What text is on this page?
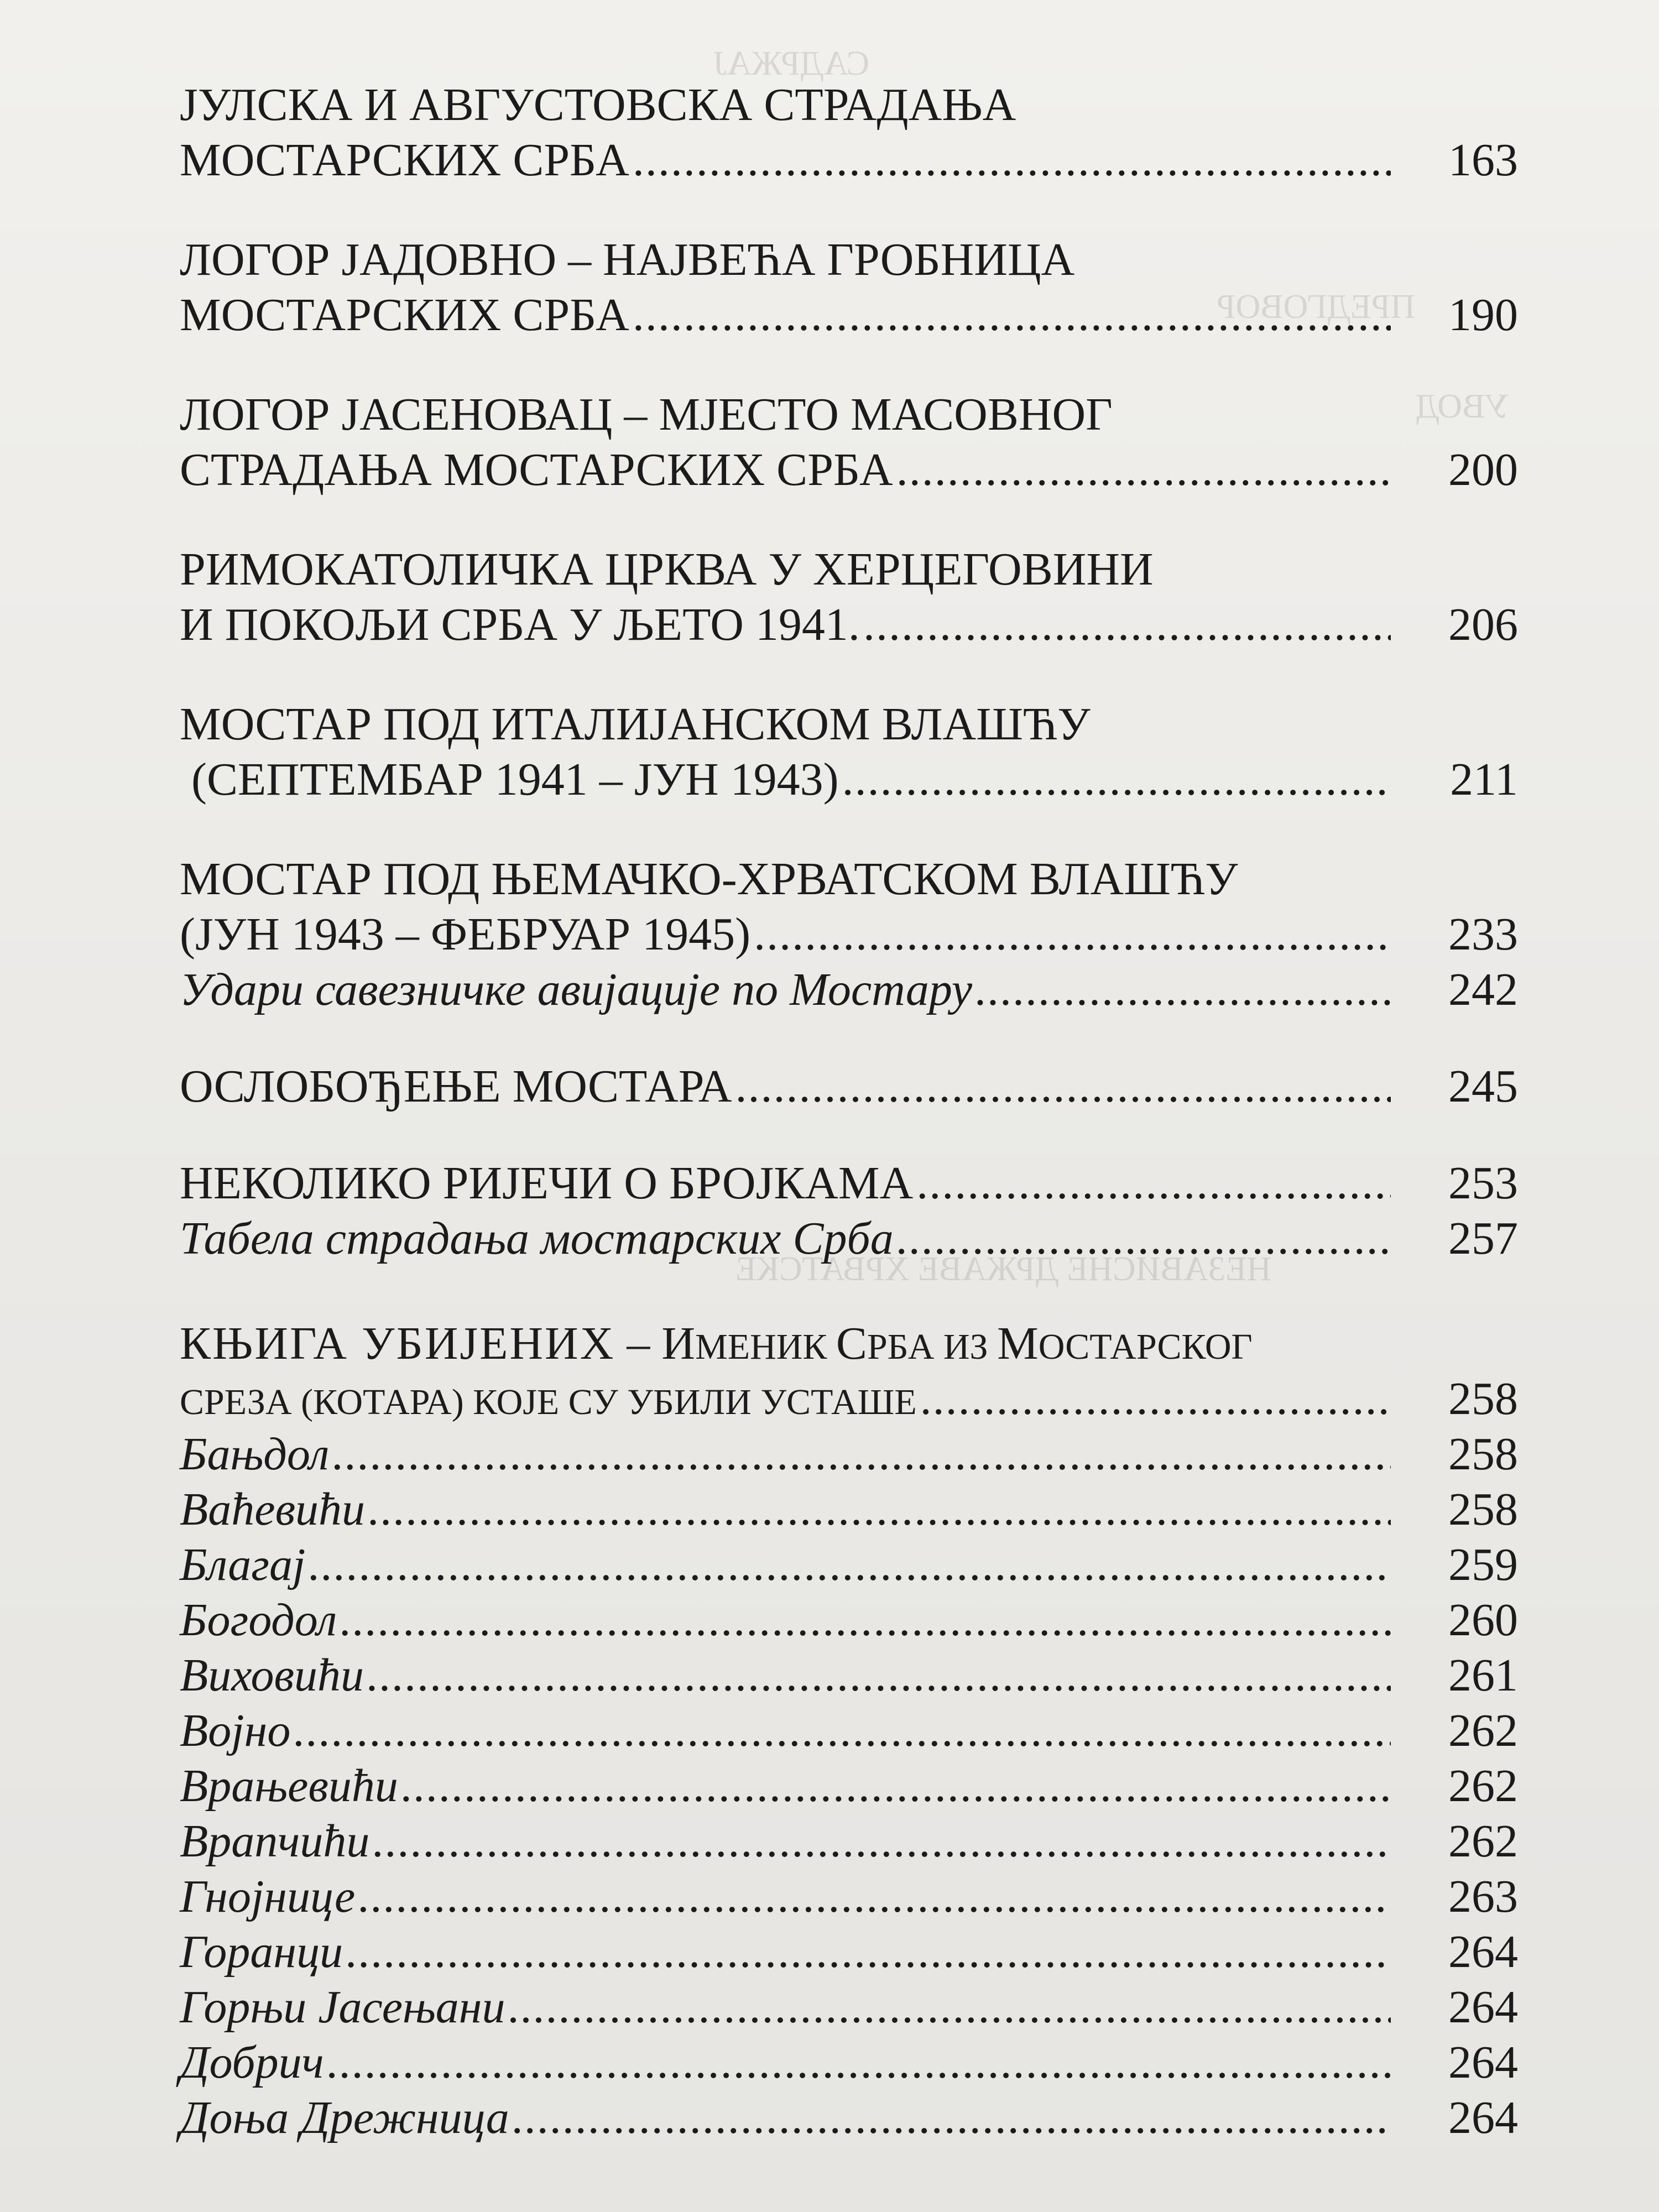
САДРЖАЈ
ПРЕДГОВОР
УВОД
НЕЗАВИСНЕ ДРЖАВЕ ХРВАТСКЕ
ЈУЛСКА И АВГУСТОВСКА СТРАДАЊА
МОСТАРСКИХ СРБА .....	163
ЛОГОР ЈАДОВНО – НАЈВЕЋА ГРОБНИЦА
МОСТАРСКИХ СРБА .....	190
ЛОГОР ЈАСЕНОВАЦ – МЈЕСТО МАСОВНОГ
СТРАДАЊА МОСТАРСКИХ СРБА .....	200
РИМОКАТОЛИЧКА ЦРКВА У ХЕРЦЕГОВИНИ
И ПОКОЉИ СРБА У ЉЕТО 1941. .....	206
МОСТАР ПОД ИТАЛИЈАНСКОМ ВЛАШЋУ
(СЕПТЕМБАР 1941 – ЈУН 1943) .....	211
МОСТАР ПОД ЊЕМАЧКО-ХРВАТСКОМ ВЛАШЋУ
(ЈУН 1943 – ФЕБРУАР 1945) .....	233
Удари савезничке авијације по Мостару .....	242
ОСЛОБОЂЕЊЕ МОСТАРА .....	245
НЕКОЛИКО РИЈЕЧИ О БРОЈКАМА .....	253
Табела страдања мостарских Срба .....	257
КЊИГА УБИЈЕНИХ – ИМЕНИК СРБА ИЗ МОСТАРСКОГ
СРЕЗА (КОТАРА) КОЈЕ СУ УБИЛИ УСТАШЕ .....	258
Бањдол .....	258
Baћевићи .....	258
Благај .....	259
Богодол .....	260
Виховићи .....	261
Војно .....	262
Врањевићи .....	262
Врапчићи .....	262
Гнојнице .....	263
Горанци .....	264
Горњи Јасењани .....	264
Добрич .....	264
Доња Дрежница .....	264
